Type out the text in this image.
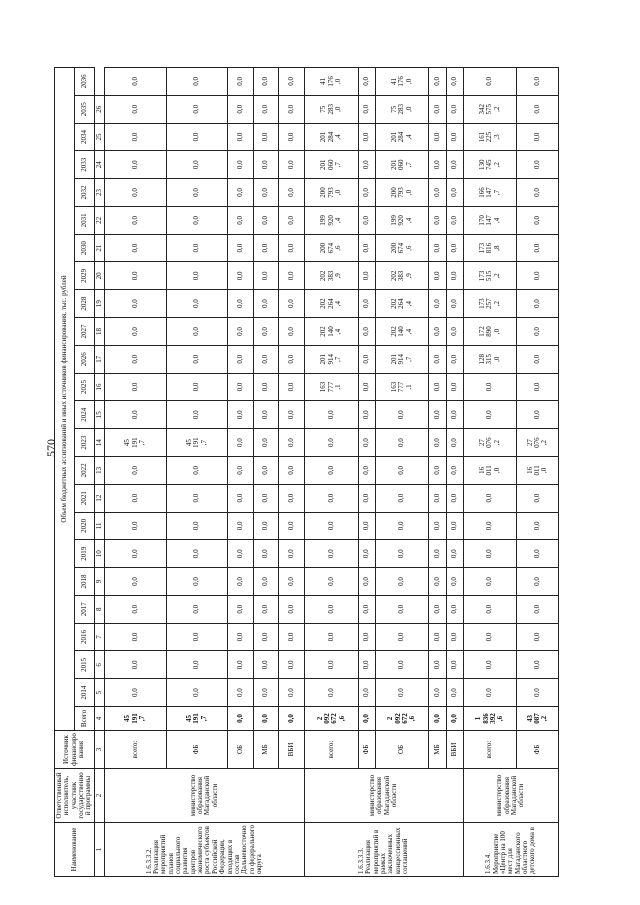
570
Наименование	Ответственный исполнитель, участник государственной программы	Источник финансирования	Объем бюджетных ассигнований и иных источников финансирования, тыс. рублей																							
			Всего	2014	2015	2016	2017	2018	2019	2020	2021	2022	2023	2024	2025	2026	2027	2028	2029	2030	2031	2032	2033	2034	2035	2036
1	2	3	4	5	6	7	8	9	10	11	12	13	14	15	16	17	18	19	20	21	22	23	24	25	26	
1.6.3.3.2. Реализация мероприятий планов социального развития центров экономического роста субъектов Российской Федерации, входящих в состав Дальневосточного федерального округа	министерство образования Магаданской области	всего:	45
191
,7	0,0	0,0	0,0	0,0	0,0	0,0	0,0	0,0	0,0	45
191
,7	0,0	0,0	0,0	0,0	0,0	0,0	0,0	0,0	0,0	0,0	0,0	0,0	0,0
		ФБ	45
191
,7	0,0	0,0	0,0	0,0	0,0	0,0	0,0	0,0	0,0	45
191
,7	0,0	0,0	0,0	0,0	0,0	0,0	0,0	0,0	0,0	0,0	0,0	0,0	0,0
		ОБ	0,0	0,0	0,0	0,0	0,0	0,0	0,0	0,0	0,0	0,0	0,0	0,0	0,0	0,0	0,0	0,0	0,0	0,0	0,0	0,0	0,0	0,0	0,0	0,0
		МБ	0,0	0,0	0,0	0,0	0,0	0,0	0,0	0,0	0,0	0,0	0,0	0,0	0,0	0,0	0,0	0,0	0,0	0,0	0,0	0,0	0,0	0,0	0,0	0,0
		ВБИ	0,0	0,0	0,0	0,0	0,0	0,0	0,0	0,0	0,0	0,0	0,0	0,0	0,0	0,0	0,0	0,0	0,0	0,0	0,0	0,0	0,0	0,0	0,0	0,0
1.6.3.3.3. Реализация мероприятий в рамках заключенных концессионных соглашений	министерство образования Магаданской области	всего:	2
092
672
,6	0,0	0,0	0,0	0,0	0,0	0,0	0,0	0,0	0,0	0,0	0,0	163
777
,1	201
914
,7	202
140
,4	202
264
,4	202
383
,9	200
674
,6	199
920
,4	200
793
,0	201
060
,7	201
284
,4	75
283
,0	41
176
,0
		ФБ	0,0	0,0	0,0	0,0	0,0	0,0	0,0	0,0	0,0	0,0	0,0	0,0	0,0	0,0	0,0	0,0	0,0	0,0	0,0	0,0	0,0	0,0	0,0	0,0
		ОБ	2
092
672
,6	0,0	0,0	0,0	0,0	0,0	0,0	0,0	0,0	0,0	0,0	0,0	163
777
,1	201
914
,7	202
140
,4	202
264
,4	202
383
,9	200
674
,6	199
920
,4	200
793
,0	201
060
,7	201
284
,4	75
283
,0	41
176
,0
		МБ	0,0	0,0	0,0	0,0	0,0	0,0	0,0	0,0	0,0	0,0	0,0	0,0	0,0	0,0	0,0	0,0	0,0	0,0	0,0	0,0	0,0	0,0	0,0	0,0
		ВБИ	0,0	0,0	0,0	0,0	0,0	0,0	0,0	0,0	0,0	0,0	0,0	0,0	0,0	0,0	0,0	0,0	0,0	0,0	0,0	0,0	0,0	0,0	0,0	0,0
1.6.3.4. Мероприятие «Центр на 100 мест для Магаданского областного детского дома в	министерство образования Магаданской области	всего:	1
836
392
,6	0,0	0,0	0,0	0,0	0,0	0,0	0,0	0,0	16
011
,0	27
076
,2	0,0	0,0	128
315
,0	172
890
,0	173
257
,2	173
515
,2	173
816
,8	170
147
,4	166
147
,7	130
745
,2	161
225
,3	342
575
,2	0,0
		ФБ	43
087
,2	0,0	0,0	0,0	0,0	0,0	0,0	0,0	0,0	16
011
,0	27
076
,2	0,0	0,0	0,0	0,0	0,0	0,0	0,0	0,0	0,0	0,0	0,0	0,0	0,0
